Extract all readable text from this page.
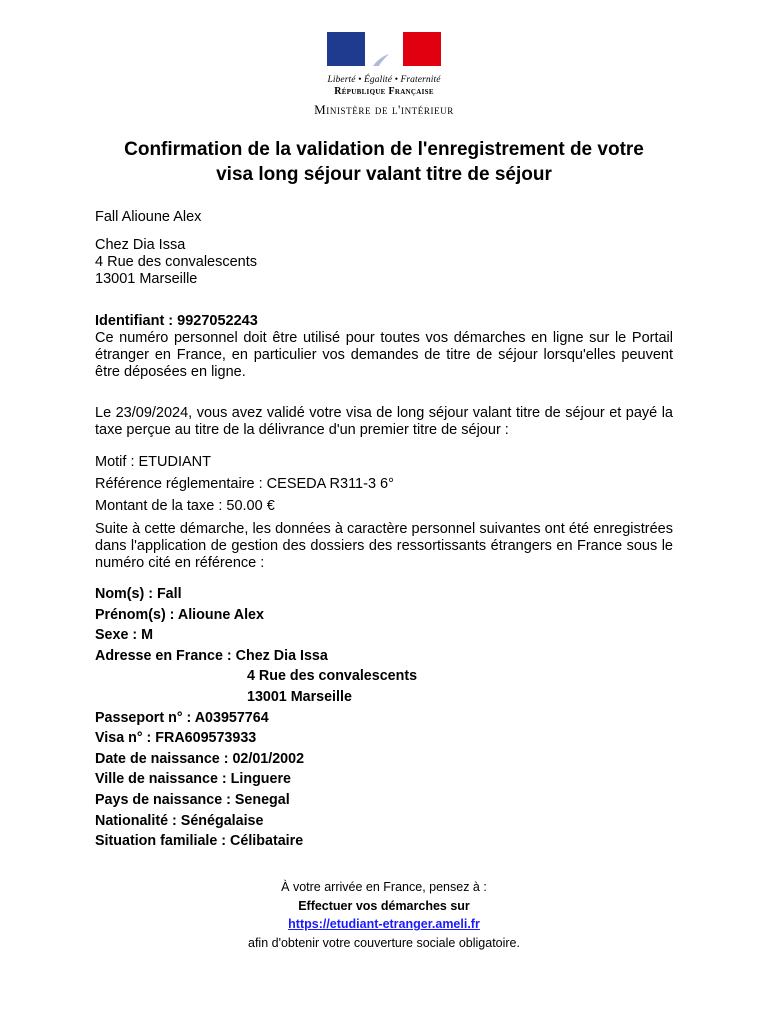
Liberté • Égalité • Fraternité
République Française
Ministère de l'intérieur
Confirmation de la validation de l'enregistrement de votre
visa long séjour valant titre de séjour
Fall Alioune Alex
Chez Dia Issa
4 Rue des convalescents
13001 Marseille
Identifiant : 9927052243
Ce numéro personnel doit être utilisé pour toutes vos démarches en ligne sur le Portail étranger en France, en particulier vos demandes de titre de séjour lorsqu'elles peuvent être déposées en ligne.
Le 23/09/2024, vous avez validé votre visa de long séjour valant titre de séjour et payé la taxe perçue au titre de la délivrance d'un premier titre de séjour :
Motif : ETUDIANT
Référence réglementaire : CESEDA R311-3 6°
Montant de la taxe : 50.00 €
Suite à cette démarche, les données à caractère personnel suivantes ont été enregistrées dans l'application de gestion des dossiers des ressortissants étrangers en France sous le numéro cité en référence :
Nom(s) : Fall
Prénom(s) : Alioune Alex
Sexe : M
Adresse en France : Chez Dia Issa
4 Rue des convalescents
13001 Marseille
Passeport n° : A03957764
Visa n° : FRA609573933
Date de naissance : 02/01/2002
Ville de naissance : Linguere
Pays de naissance : Senegal
Nationalité : Sénégalaise
Situation familiale : Célibataire
À votre arrivée en France, pensez à :
Effectuer vos démarches sur
https://etudiant-etranger.ameli.fr
afin d'obtenir votre couverture sociale obligatoire.
